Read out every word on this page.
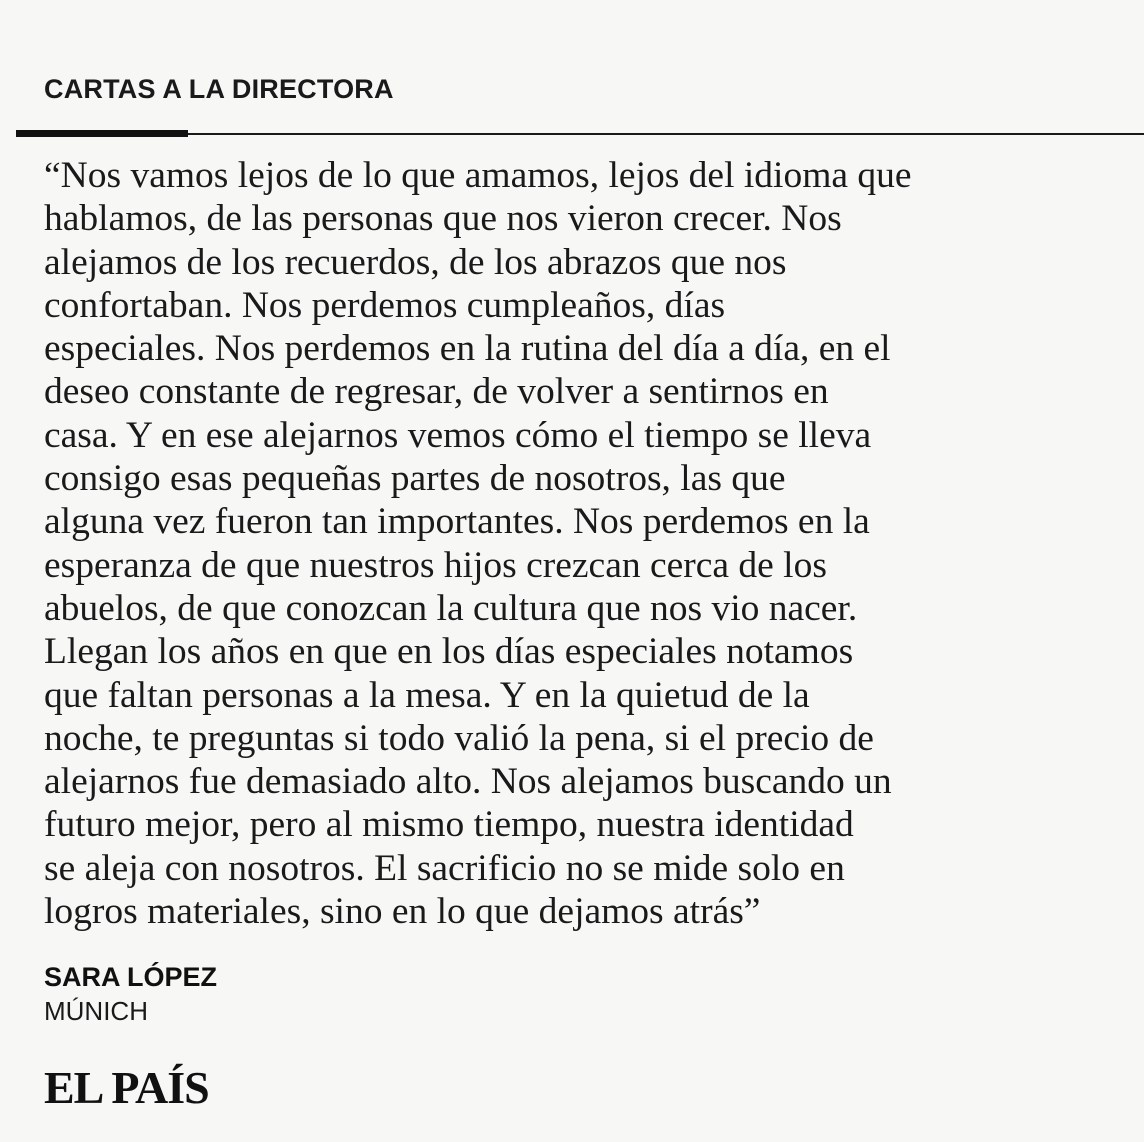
CARTAS A LA DIRECTORA

“Nos vamos lejos de lo que amamos, lejos del idioma que
hablamos, de las personas que nos vieron crecer. Nos
alejamos de los recuerdos, de los abrazos que nos
confortaban. Nos perdemos cumpleaños, días
especiales. Nos perdemos en la rutina del día a día, en el
deseo constante de regresar, de volver a sentirnos en
casa. Y en ese alejarnos vemos cómo el tiempo se lleva
consigo esas pequeñas partes de nosotros, las que
alguna vez fueron tan importantes. Nos perdemos en la
esperanza de que nuestros hijos crezcan cerca de los
abuelos, de que conozcan la cultura que nos vio nacer.
Llegan los años en que en los días especiales notamos
que faltan personas a la mesa. Y en la quietud de la
noche, te preguntas si todo valió la pena, si el precio de
alejarnos fue demasiado alto. Nos alejamos buscando un
futuro mejor, pero al mismo tiempo, nuestra identidad
se aleja con nosotros. El sacrificio no se mide solo en
logros materiales, sino en lo que dejamos atrás”

SARA LÓPEZ
MÚNICH
EL PAÍS
